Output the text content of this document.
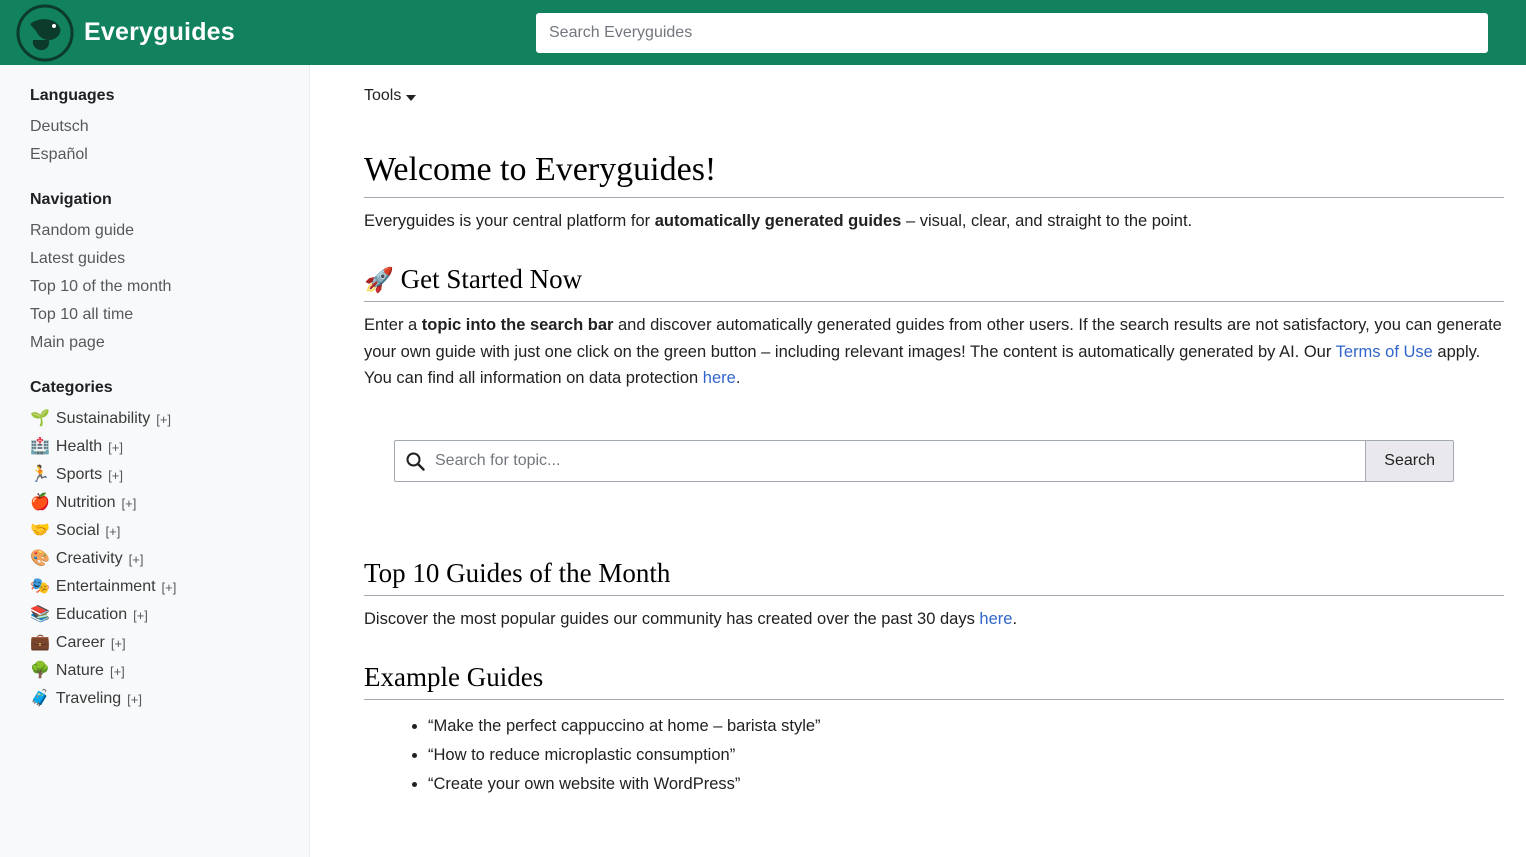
Everyguides
Search Everyguides
Languages
Deutsch
Español
Navigation
Random guide
Latest guides
Top 10 of the month
Top 10 all time
Main page
Categories
🌱 Sustainability [+]
🏥 Health [+]
🏃 Sports [+]
🍎 Nutrition [+]
🤝 Social [+]
🎨 Creativity [+]
🎭 Entertainment [+]
📚 Education [+]
💼 Career [+]
🌳 Nature [+]
🧳 Traveling [+]
Tools
Welcome to Everyguides!

Everyguides is your central platform for automatically generated guides – visual, clear, and straight to the point.

🚀 Get Started Now

Enter a topic into the search bar and discover automatically generated guides from other users. If the search results are not satisfactory, you can generate your own guide with just one click on the green button – including relevant images! The content is automatically generated by AI. Our Terms of Use apply. You can find all information on data protection here.

Search for topic...
Search
Top 10 Guides of the Month

Discover the most popular guides our community has created over the past 30 days here.

Example Guides
• “Make the perfect cappuccino at home – barista style”
• “How to reduce microplastic consumption”
• “Create your own website with WordPress”
